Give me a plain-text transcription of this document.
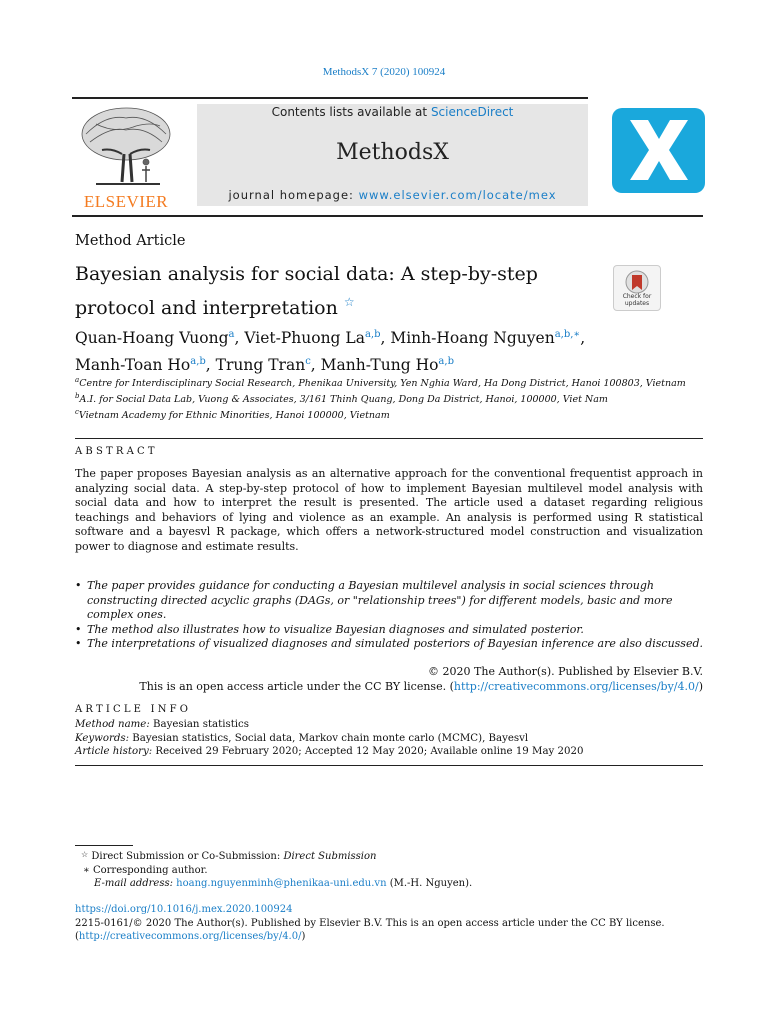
MethodsX 7 (2020) 100924
ELSEVIER
Contents lists available at ScienceDirect
MethodsX
journal homepage: www.elsevier.com/locate/mex
Method Article
Bayesian analysis for social data: A step-by-step protocol and interpretation ☆	Check for updates
Quan-Hoang Vuong$^a$, Viet-Phuong La$^{a,b}$, Minh-Hoang Nguyen$^{a,b,∗}$,
Manh-Toan Ho$^{a,b}$, Trung Tran$^c$, Manh-Tung Ho$^{a,b}$
$^a$Centre for Interdisciplinary Social Research, Phenikaa University, Yen Nghia Ward, Ha Dong District, Hanoi 100803, Vietnam
$^b$A.I. for Social Data Lab, Vuong & Associates, 3/161 Thinh Quang, Dong Da District, Hanoi, 100000, Viet Nam
$^c$Vietnam Academy for Ethnic Minorities, Hanoi 100000, Vietnam
ABSTRACT
The paper proposes Bayesian analysis as an alternative approach for the conventional frequentist approach in analyzing social data. A step-by-step protocol of how to implement Bayesian multilevel model analysis with social data and how to interpret the result is presented. The article used a dataset regarding religious teachings and behaviors of lying and violence as an example. An analysis is performed using R statistical software and a bayesvl R package, which offers a network-structured model construction and visualization power to diagnose and estimate results.
• The paper provides guidance for conducting a Bayesian multilevel analysis in social sciences through constructing directed acyclic graphs (DAGs, or "relationship trees") for different models, basic and more complex ones.
• The method also illustrates how to visualize Bayesian diagnoses and simulated posterior.
• The interpretations of visualized diagnoses and simulated posteriors of Bayesian inference are also discussed.
© 2020 The Author(s). Published by Elsevier B.V.
This is an open access article under the CC BY license. (http://creativecommons.org/licenses/by/4.0/)
ARTICLE INFO
Method name: Bayesian statistics
Keywords: Bayesian statistics, Social data, Markov chain monte carlo (MCMC), Bayesvl
Article history: Received 29 February 2020; Accepted 12 May 2020; Available online 19 May 2020
☆ Direct Submission or Co-Submission: Direct Submission
∗ Corresponding author.
E-mail address: hoang.nguyenminh@phenikaa-uni.edu.vn (M.-H. Nguyen).
https://doi.org/10.1016/j.mex.2020.100924
2215-0161/© 2020 The Author(s). Published by Elsevier B.V. This is an open access article under the CC BY license.
(http://creativecommons.org/licenses/by/4.0/)
